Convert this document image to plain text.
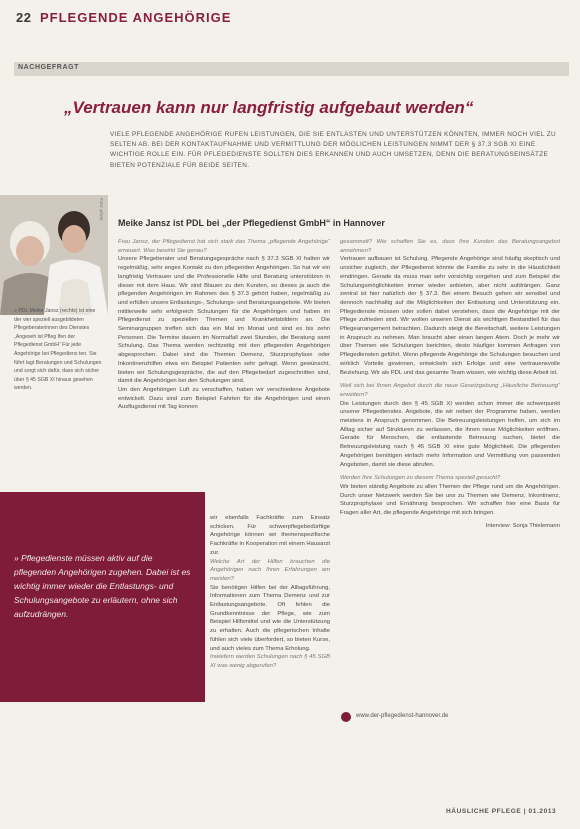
22 PFLEGENDE ANGEHÖRIGE
NACHGEFRAGT
„Vertrauen kann nur langfristig aufgebaut werden“
VIELE PFLEGENDE ANGEHÖRIGE RUFEN LEISTUNGEN, DIE SIE ENTLASTEN UND UNTERSTÜTZEN KÖNNTEN, IMMER NOCH VIEL ZU SELTEN AB. BEI DER KONTAKTAUFNAHME UND VERMITTLUNG DER MÖGLICHEN LEISTUNGEN NIMMT DER § 37.3 SGB XI EINE WICHTIGE ROLLE EIN. FÜR PFLEGEDIENSTE SOLLTEN DIES ERKANNEN UND AUCH UMSETZEN, DENN DIE BERATUNGSEINSÄTZE BIETEN POTENZIALE FÜR BEIDE SEITEN.
Foto: privat
» PDL Meike Jansz (rechts) ist eine der vier speziell ausgebildeten Pflegeberaterinnen des Dienstes „Angeseh ist Pfleg Ifen der Pflegedienst GmbH“ Für jede Angehörige bei Pflegediens ten. Sie führt lagt Beratungen und Schulungen und sorgt sich dafür, dass sich sicher über § 45 SGB XI hinaus gesehen werden.
Meike Jansz ist PDL bei „der Pflegedienst GmbH“ in Hannover

Frau Jansz, der Pflegedienst hat sich stark das Thema „pflegende Angehörige“ erneuert. Was bewirkt Sie genau?

Unsere Pflegeberater und Beratungsgespräche nach § 37.3 SGB XI halten wir regelmäßig, sehr enges Kontakt zu den pflegenden Angehörigen. So hat wir ein langfristig Vertrauen und die Professionelle Hilfe und Beratung unterstützen in dieser mit dem Haus. Wir sind Blauen zu den Kunden, so dieses ja auch die pflegenden Angehörigen im Rahmen des § 37.3 gehört haben, regelmäßig zu und erfüllen unsere Entlastungs-, Schulungs- und Beratungsangebote. Wir bieten mittlerweile sehr erfolgreich Schulungen für die Angehörigen und haben im Pflegedienst zu speziellen Themen und Krankheitsbildern an. Die Seminargruppen treffen sich das ein Mal im Monat und sind es bis zehn Personen. Die Termine dauern im Normalfall zwei Stunden, die Beratung samt Schulung. Das Thema werden rechtzeitig mit den pflegenden Angehörigen abgesprochen. Dabei sind die Themen Demenz, Sturzprophylaxe oder Inkontinenzhilfen etwa ein Beispiel Patienten sehr gefragt. Wenn gewünscht, bieten wir Schulungsgespräche, die auf den Pflegebedarf zugeschnitten sind, damit die Angehörigen bei den Schulungen sind.

Um den Angehörigen Luft zu verschaffen, haben wir verschiedene Angebote entwickelt. Dazu sind zum Beispiel Fahrten für die Angehörigen und einen Ausflugsdienst mit Tag konnen

» Pflegedienste müssen aktiv auf die pflegenden Angehörigen zugehen. Dabei ist es wichtig immer wieder die Entlastungs- und Schulungsangebote zu erläutern, ohne sich aufzudrängen.

wir ebenfalls Fachkräfte zum Einsatz schicken. Für schwerpflegebedürftige Angehörige können wir themenspezifische Fachkräfte in Kooperation mit einem Hausarzt zur.

Welche Art der Hilfen brauchen die Angehörigen nach Ihren Erfahrungen am meisten?

Sie benötigen Hilfen bei der Alltagsführung, Informationen zum Thema Demenz und zur Entlastungsangebote. Oft fehlen die Grundkenntnisse der Pflege, wie zum Beispiel Hilfsmittel und wie die Unterstützung zu erhalten. Auch die pflegerischen Inhalte fühlen sich viele überfordert, so bieten Kurse, und auch vieles zum Thema Erholung.

Inwiefern werden Schulungen nach § 45 SGB XI was wenig abgerufen?

gesammelt? Wie schaffen Sie es, dass Ihre Kunden das Beratungsangebot annehmen?

Vertrauen aufbauen ist Schulung. Pflegende Angehörige sind häufig skeptisch und unsicher zugleich, der Pflegedienst könnte die Familie zu sehr in die Häuslichkeit eindringen. Gerade da muss man sehr vorsichtig vorgehen und zum Beispiel die Schulungsmöglichkeiten immer wieder anbieten, aber nicht aufdrängen. Ganz zentral ist hier natürlich der § 37.3. Bei einem Besuch gehen wir sensibel und dennoch nachhaltig auf die Möglichkeiten der Entlastung und Unterstützung ein. Pflegedienste müssen oder sollen dabei verstehen, dass die Angehörige mit der Pflege zufrieden sind. Wir wollen unseren Dienst als wichtigen Bestandteil für das Pflegearrangement betrachten. Dadurch steigt die Bereitschaft, weitere Leistungen in Anspruch zu nehmen. Man braucht aber einen langen Atem. Doch je mehr wir über Themen wie Schulungen berichten, desto häufiger kommen Anfragen von Pflegediensten geführt. Wenn pflegende Angehörige die Schulungen besuchen und wirklich Vorteile gewinnen, entwickeln sich Erfolge und eine vertrauensvolle Beziehung. Wir als PDL und das gesamte Team wissen, wie wichtig diese Arbeit ist.

Weil sich bei Ihnen Angebot durch die neue Gesetzgebung „Häusliche Betreuung“ erweitern?

Die Leistungen durch den § 45 SGB XI werden schon immer die schwerpunkt unserer Pflegedienstes. Angebote, die wir neben der Programme haben, werden meistens in Anspruch genommen. Die Betreuungsleistungen helfen, um sich im Alltag sicher auf Strukturen zu verlassen, die ihnen neue Möglichkeiten eröffnen. Gerade für Menschen, die entlastende Betreuung suchen, bietet die Betreuungsleistung nach § 45 SGB XI eine gute Möglichkeit. Die pflegenden Angehörigen benötigen einfach mehr Information und Vermittlung von passenden Angeboten, damit sie diese abrufen.

Werden Ihre Schulungen zu diesem Thema speziell gesucht?

Wir bieten ständig Angebote zu allen Themen der Pflege rund um die Angehörigen. Durch unser Netzwerk werden Sie bei uns zu Themen wie Demenz, Inkontinenz, Sturzprophylaxe und Ernährung besprochen. Wir schaffen hier eine Basis für Fragen aller Art, die pflegende Angehörige mit sich bringen.

Interview: Sonja Thielemann

www.der-pflegedienst-hannover.de
HÄUSLICHE PFLEGE | 01.2013
